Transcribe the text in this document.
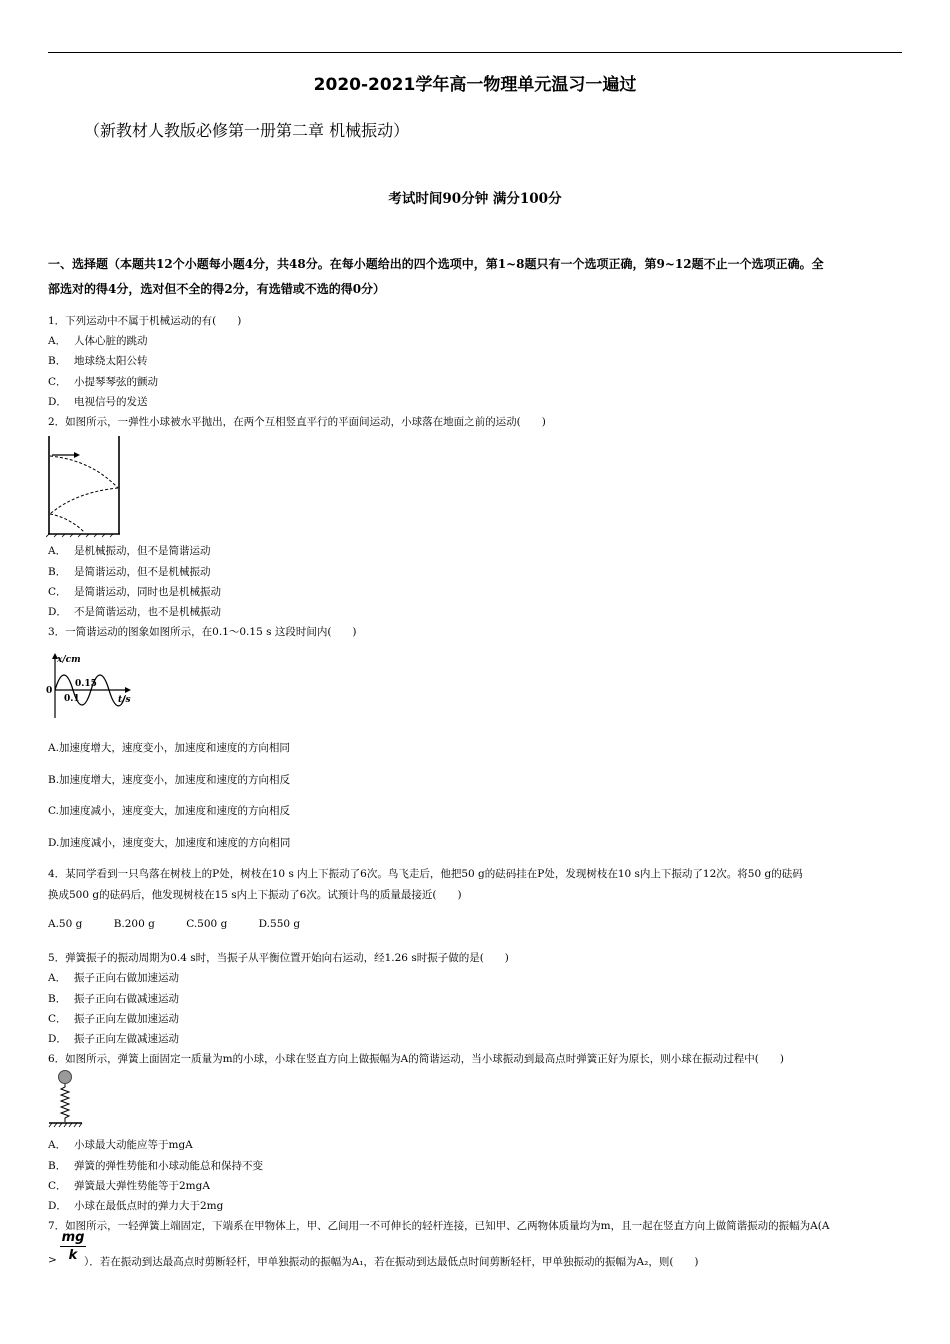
2020-2021学年高一物理单元温习一遍过
（新教材人教版必修第一册第二章 机械振动）
考试时间90分钟 满分100分
一、选择题（本题共12个小题每小题4分，共48分。在每小题给出的四个选项中，第1~8题只有一个选项正确，第9~12题不止一个选项正确。全
部选对的得4分，选对但不全的得2分，有选错或不选的得0分）
1．下列运动中不属于机械运动的有(　　)
A． 人体心脏的跳动
B． 地球绕太阳公转
C． 小提琴琴弦的颤动
D． 电视信号的发送
2．如图所示，一弹性小球被水平抛出，在两个互相竖直平行的平面间运动，小球落在地面之前的运动(　　)
A． 是机械振动，但不是简谐运动
B． 是简谐运动，但不是机械振动
C． 是简谐运动，同时也是机械振动
D． 不是简谐运动，也不是机械振动
3．一简谐运动的图象如图所示，在0.1～0.15 s 这段时间内(　　)
x/cm
0
0.1
0.15
t/s
A.加速度增大，速度变小，加速度和速度的方向相同
B.加速度增大，速度变小，加速度和速度的方向相反
C.加速度减小，速度变大，加速度和速度的方向相反
D.加速度减小，速度变大，加速度和速度的方向相同
4．某同学看到一只鸟落在树枝上的P处，树枝在10 s 内上下振动了6次。鸟飞走后，他把50 g的砝码挂在P处，发现树枝在10 s内上下振动了12次。将50 g的砝码
换成500 g的砝码后，他发现树枝在15 s内上下振动了6次。试预计鸟的质量最接近(　　)
A.50 g	B.200 g	C.500 g	D.550 g
5．弹簧振子的振动周期为0.4 s时，当振子从平衡位置开始向右运动，经1.26 s时振子做的是(　　)
A． 振子正向右做加速运动
B． 振子正向右做减速运动
C． 振子正向左做加速运动
D． 振子正向左做减速运动
6．如图所示，弹簧上面固定一质量为m的小球，小球在竖直方向上做振幅为A的简谐运动，当小球振动到最高点时弹簧正好为原长，则小球在振动过程中(　　)
A． 小球最大动能应等于mgA
B． 弹簧的弹性势能和小球动能总和保持不变
C． 弹簧最大弹性势能等于2mgA
D． 小球在最低点时的弹力大于2mg
7．如图所示，一轻弹簧上端固定，下端系在甲物体上，甲、乙间用一不可伸长的轻杆连接，已知甲、乙两物体质量均为m，且一起在竖直方向上做简谐振动的振幅为A(A
mg
k
>	）．若在振动到达最高点时剪断轻杆，甲单独振动的振幅为A₁，若在振动到达最低点时间剪断轻杆，甲单独振动的振幅为A₂，则(　　)
